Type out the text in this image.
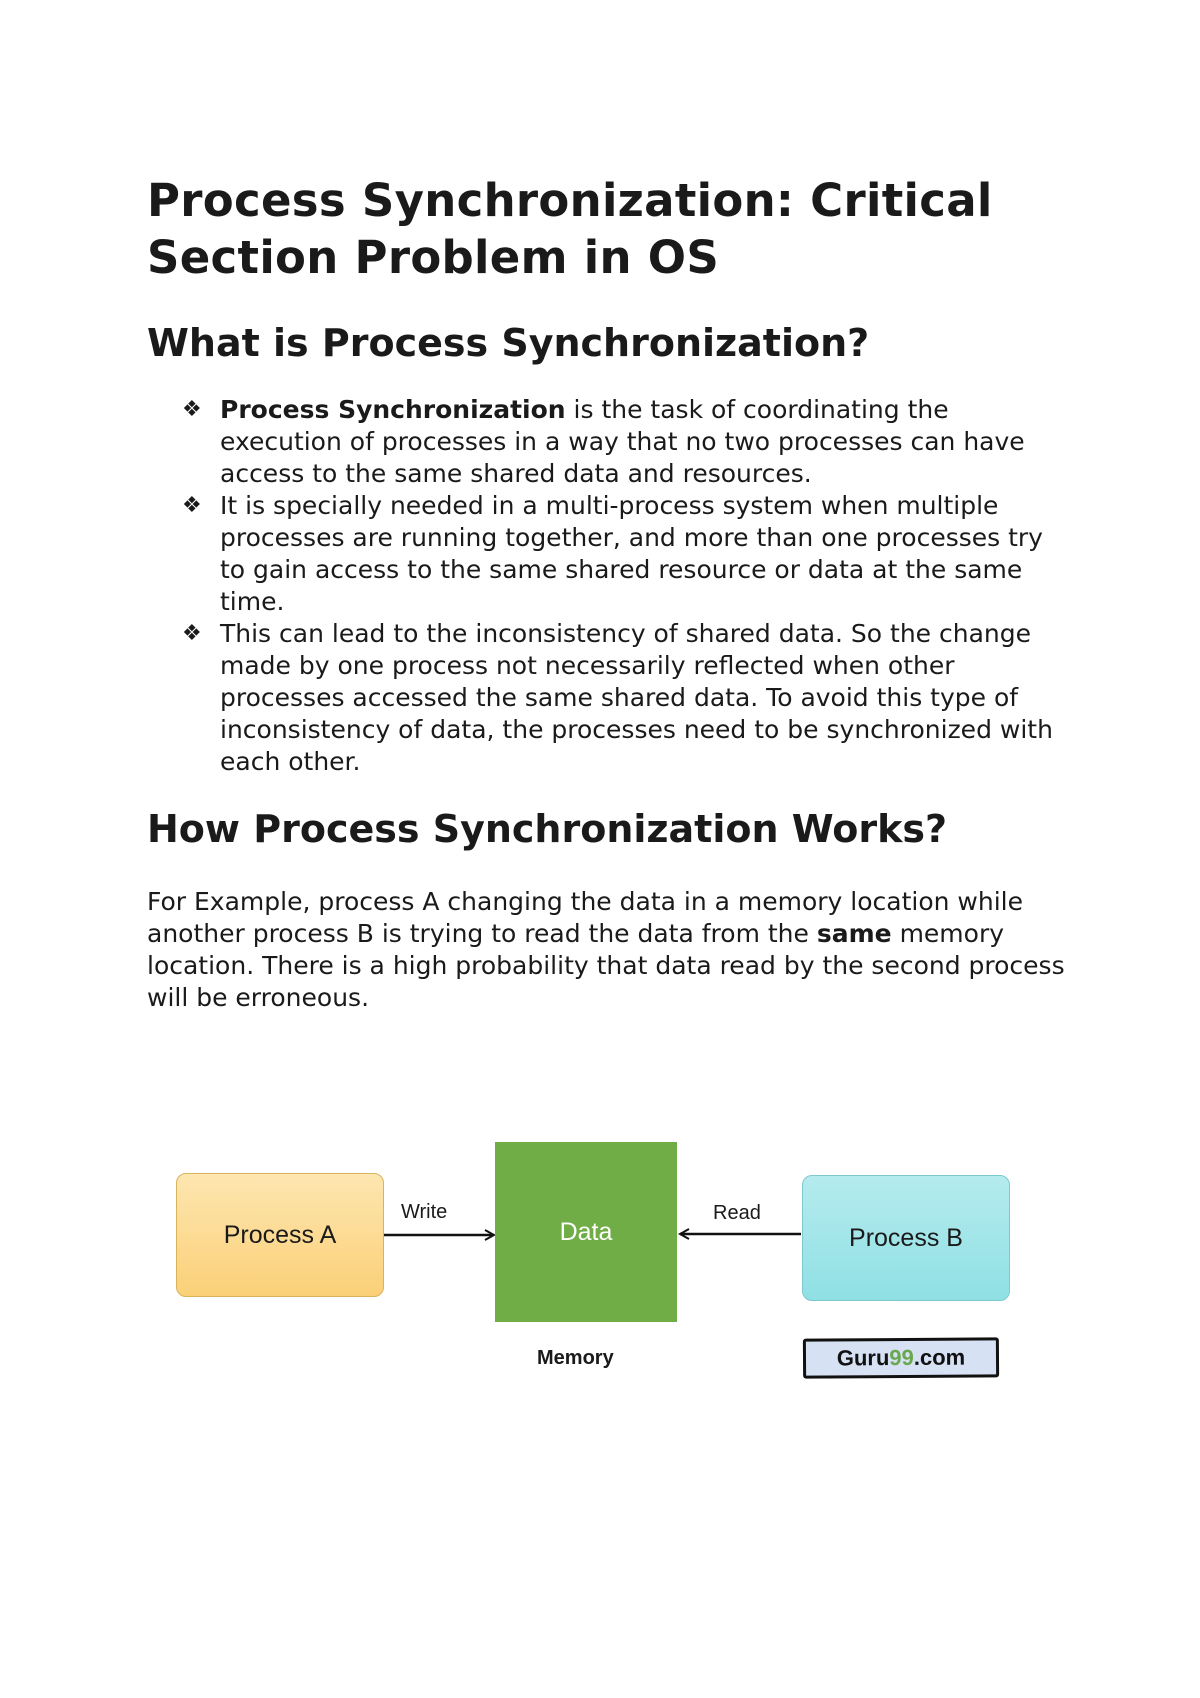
Process Synchronization: Critical Section Problem in OS
What is Process Synchronization?
❖ Process Synchronization is the task of coordinating the execution of processes in a way that no two processes can have access to the same shared data and resources.
❖ It is specially needed in a multi-process system when multiple processes are running together, and more than one processes try to gain access to the same shared resource or data at the same time.
❖ This can lead to the inconsistency of shared data. So the change made by one process not necessarily reflected when other processes accessed the same shared data. To avoid this type of inconsistency of data, the processes need to be synchronized with each other.
How Process Synchronization Works?

For Example, process A changing the data in a memory location while another process B is trying to read the data from the same memory location. There is a high probability that data read by the second process will be erroneous.

Process A	Data	Process B
Write	Read
Memory	Guru 99 .com
